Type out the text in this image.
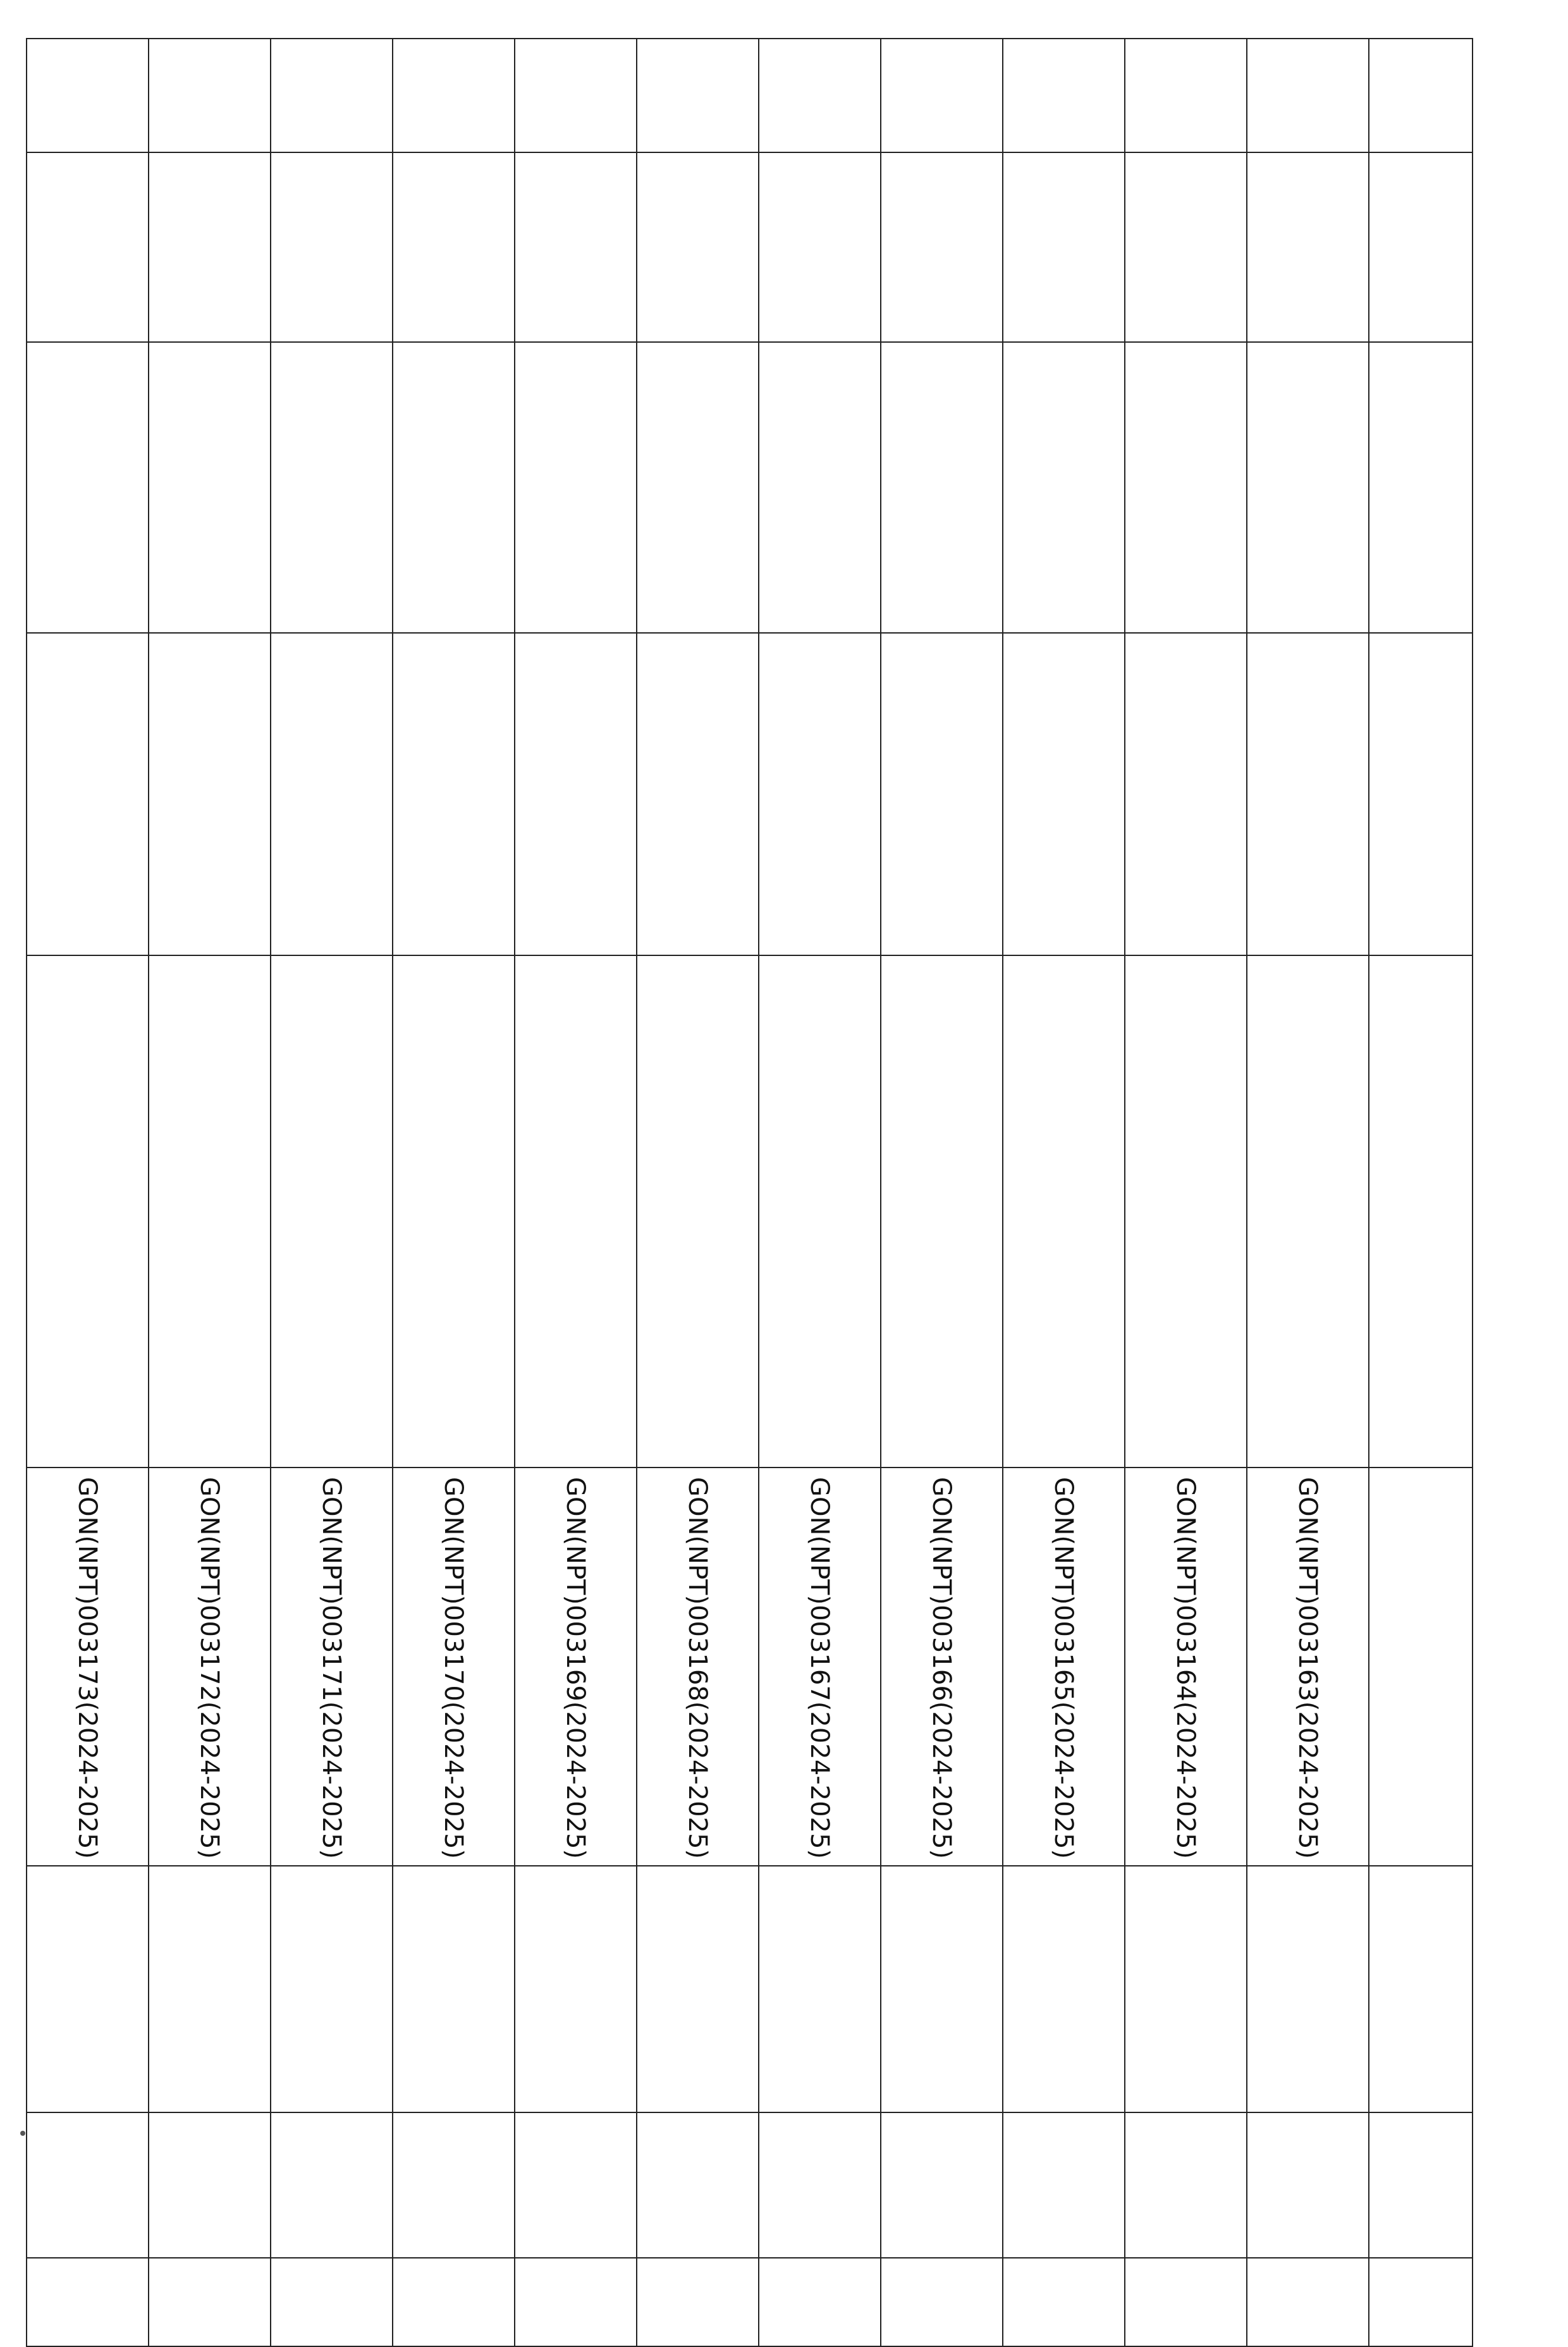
					GON(NPT)003163(2024-2025)			
					GON(NPT)003164(2024-2025)			
					GON(NPT)003165(2024-2025)			
					GON(NPT)003166(2024-2025)			
					GON(NPT)003167(2024-2025)			
					GON(NPT)003168(2024-2025)			
					GON(NPT)003169(2024-2025)			
					GON(NPT)003170(2024-2025)			
					GON(NPT)003171(2024-2025)			
					GON(NPT)003172(2024-2025)			
					GON(NPT)003173(2024-2025)			
